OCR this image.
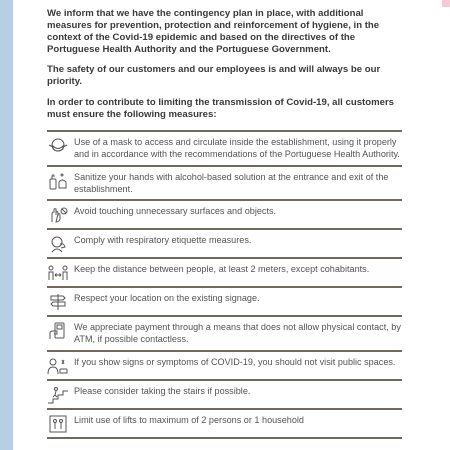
We inform that we have the contingency plan in place, with additional measures for prevention, protection and reinforcement of hygiene, in the context of the Covid-19 epidemic and based on the directives of the Portuguese Health Authority and the Portuguese Government.

The safety of our customers and our employees is and will always be our priority.

In order to contribute to limiting the transmission of Covid-19, all customers must ensure the following measures:

Use of a mask to access and circulate inside the establishment, using it properly and in accordance with the recommendations of the Portuguese Health Authority.
Sanitize your hands with alcohol-based solution at the entrance and exit of the establishment.
Avoid touching unnecessary surfaces and objects.
Comply with respiratory etiquette measures.
Keep the distance between people, at least 2 meters, except cohabitants.
Respect your location on the existing signage.
We appreciate payment through a means that does not allow physical contact, by ATM, if possible contactless.
If you show signs or symptoms of COVID-19, you should not visit public spaces.
Please consider taking the stairs if possible.
Limit use of lifts to maximum of 2 persons or 1 household
